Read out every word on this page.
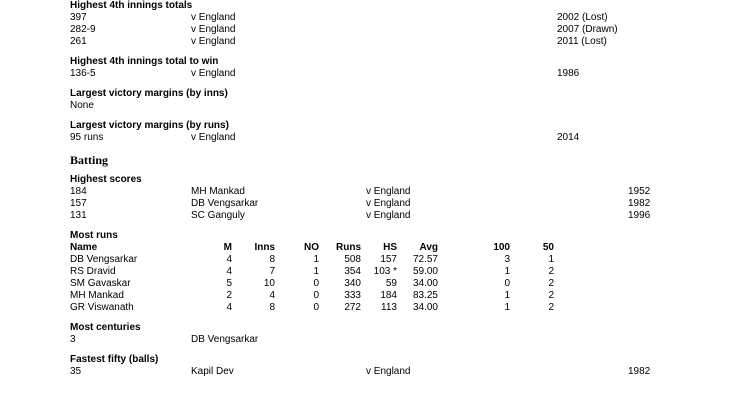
Highest 4th innings totals
397	v England	2002 (Lost)
282-9	v England	2007 (Drawn)
261	v England	2011 (Lost)
Highest 4th innings total to win
136-5	v England	1986
Largest victory margins (by inns)
None
Largest victory margins (by runs)
95 runs	v England	2014
Batting
Highest scores
184	MH Mankad	v England	1952
157	DB Vengsarkar	v England	1982
131	SC Ganguly	v England	1996
Most runs
Name	M	Inns	NO	Runs	HS	Avg	100	50
DB Vengsarkar	4	8	1	508	157	72.57	3	1
RS Dravid	4	7	1	354	103 *	59.00	1	2
SM Gavaskar	5	10	0	340	59	34.00	0	2
MH Mankad	2	4	0	333	184	83.25	1	2
GR Viswanath	4	8	0	272	113	34.00	1	2
Most centuries
3	DB Vengsarkar
Fastest fifty (balls)
35	Kapil Dev	v England	1982
